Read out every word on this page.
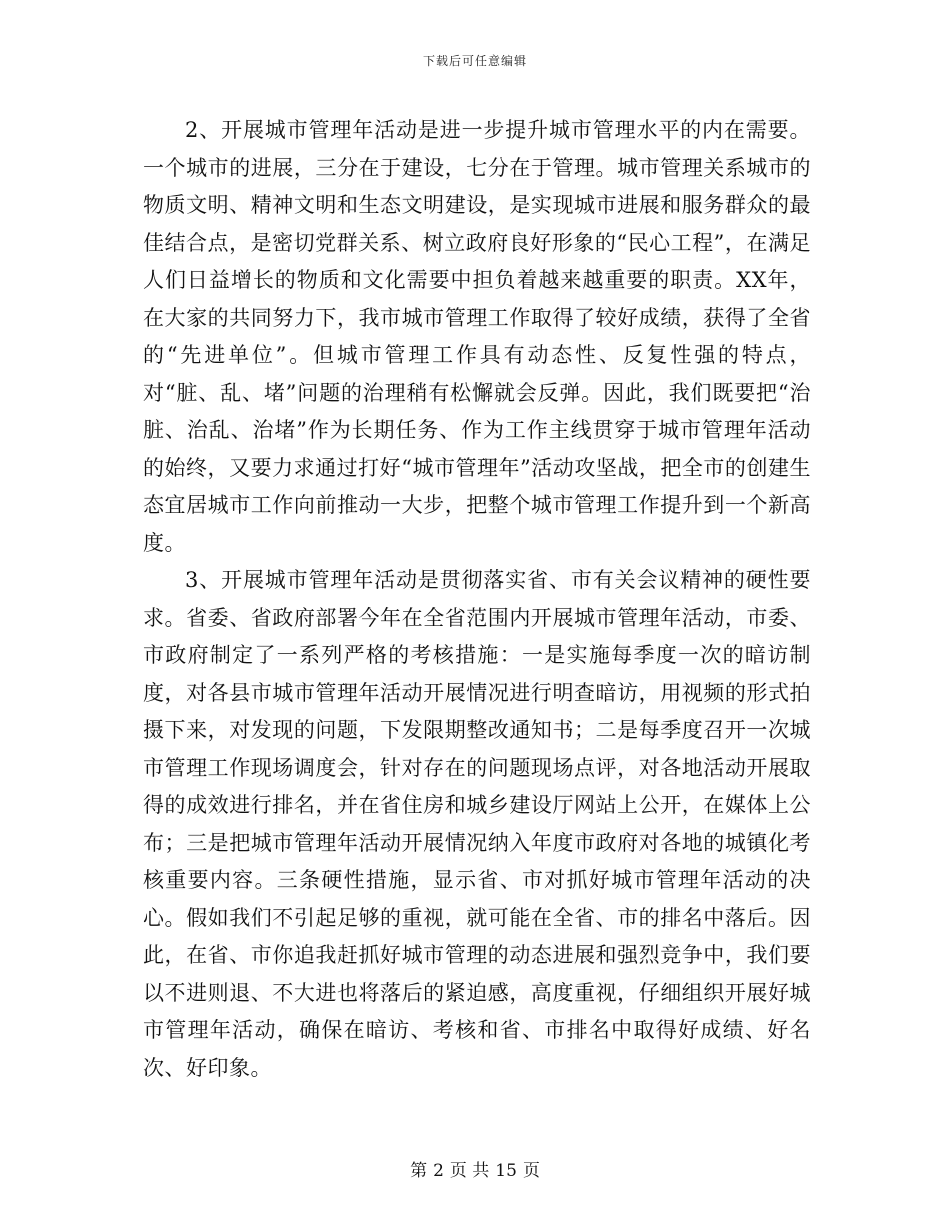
下载后可任意编辑

2、开展城市管理年活动是进一步提升城市管理水平的内在需要。一个城市的进展，三分在于建设，七分在于管理。城市管理关系城市的物质文明、精神文明和生态文明建设，是实现城市进展和服务群众的最佳结合点，是密切党群关系、树立政府良好形象的“民心工程”，在满足人们日益增长的物质和文化需要中担负着越来越重要的职责。XX年，在大家的共同努力下，我市城市管理工作取得了较好成绩，获得了全省的“先进单位”。但城市管理工作具有动态性、反复性强的特点，对“脏、乱、堵”问题的治理稍有松懈就会反弹。因此，我们既要把“治脏、治乱、治堵”作为长期任务、作为工作主线贯穿于城市管理年活动的始终，又要力求通过打好“城市管理年”活动攻坚战，把全市的创建生态宜居城市工作向前推动一大步，把整个城市管理工作提升到一个新高度。

3、开展城市管理年活动是贯彻落实省、市有关会议精神的硬性要求。省委、省政府部署今年在全省范围内开展城市管理年活动，市委、市政府制定了一系列严格的考核措施：一是实施每季度一次的暗访制度，对各县市城市管理年活动开展情况进行明查暗访，用视频的形式拍摄下来，对发现的问题，下发限期整改通知书；二是每季度召开一次城市管理工作现场调度会，针对存在的问题现场点评，对各地活动开展取得的成效进行排名，并在省住房和城乡建设厅网站上公开，在媒体上公布；三是把城市管理年活动开展情况纳入年度市政府对各地的城镇化考核重要内容。三条硬性措施，显示省、市对抓好城市管理年活动的决心。假如我们不引起足够的重视，就可能在全省、市的排名中落后。因此，在省、市你追我赶抓好城市管理的动态进展和强烈竞争中，我们要以不进则退、不大进也将落后的紧迫感，高度重视，仔细组织开展好城市管理年活动，确保在暗访、考核和省、市排名中取得好成绩、好名次、好印象。

第 2 页 共 15 页
